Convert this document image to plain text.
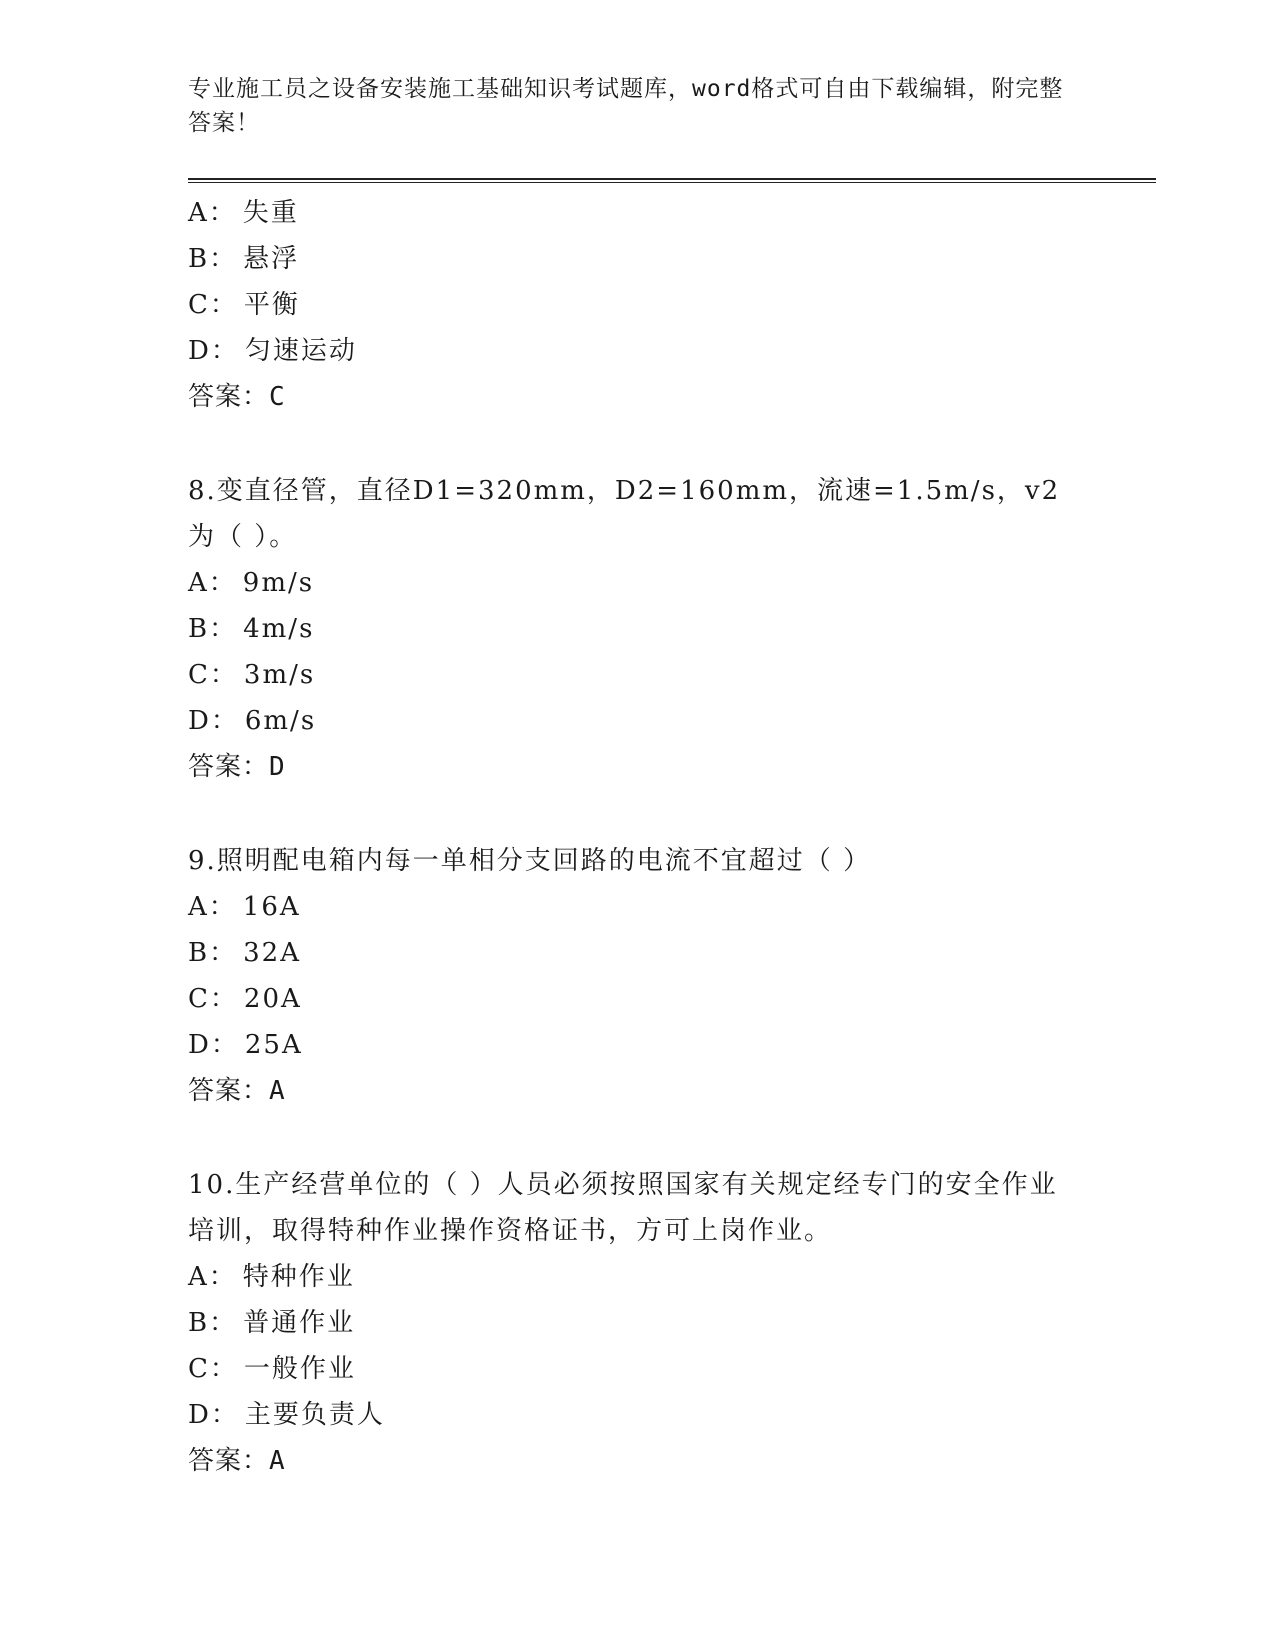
专业施工员之设备安装施工基础知识考试题库，word格式可自由下载编辑，附完整答案！
A： 失重
B： 悬浮
C： 平衡
D： 匀速运动
答案：C
8.变直径管，直径D1=320mm，D2=160mm，流速=1.5m/s，v2为（ ）。
A： 9m/s
B： 4m/s
C： 3m/s
D： 6m/s
答案：D
9.照明配电箱内每一单相分支回路的电流不宜超过（ ）
A： 16A
B： 32A
C： 20A
D： 25A
答案：A
10.生产经营单位的（ ）人员必须按照国家有关规定经专门的安全作业培训，取得特种作业操作资格证书，方可上岗作业。
A： 特种作业
B： 普通作业
C： 一般作业
D： 主要负责人
答案：A
